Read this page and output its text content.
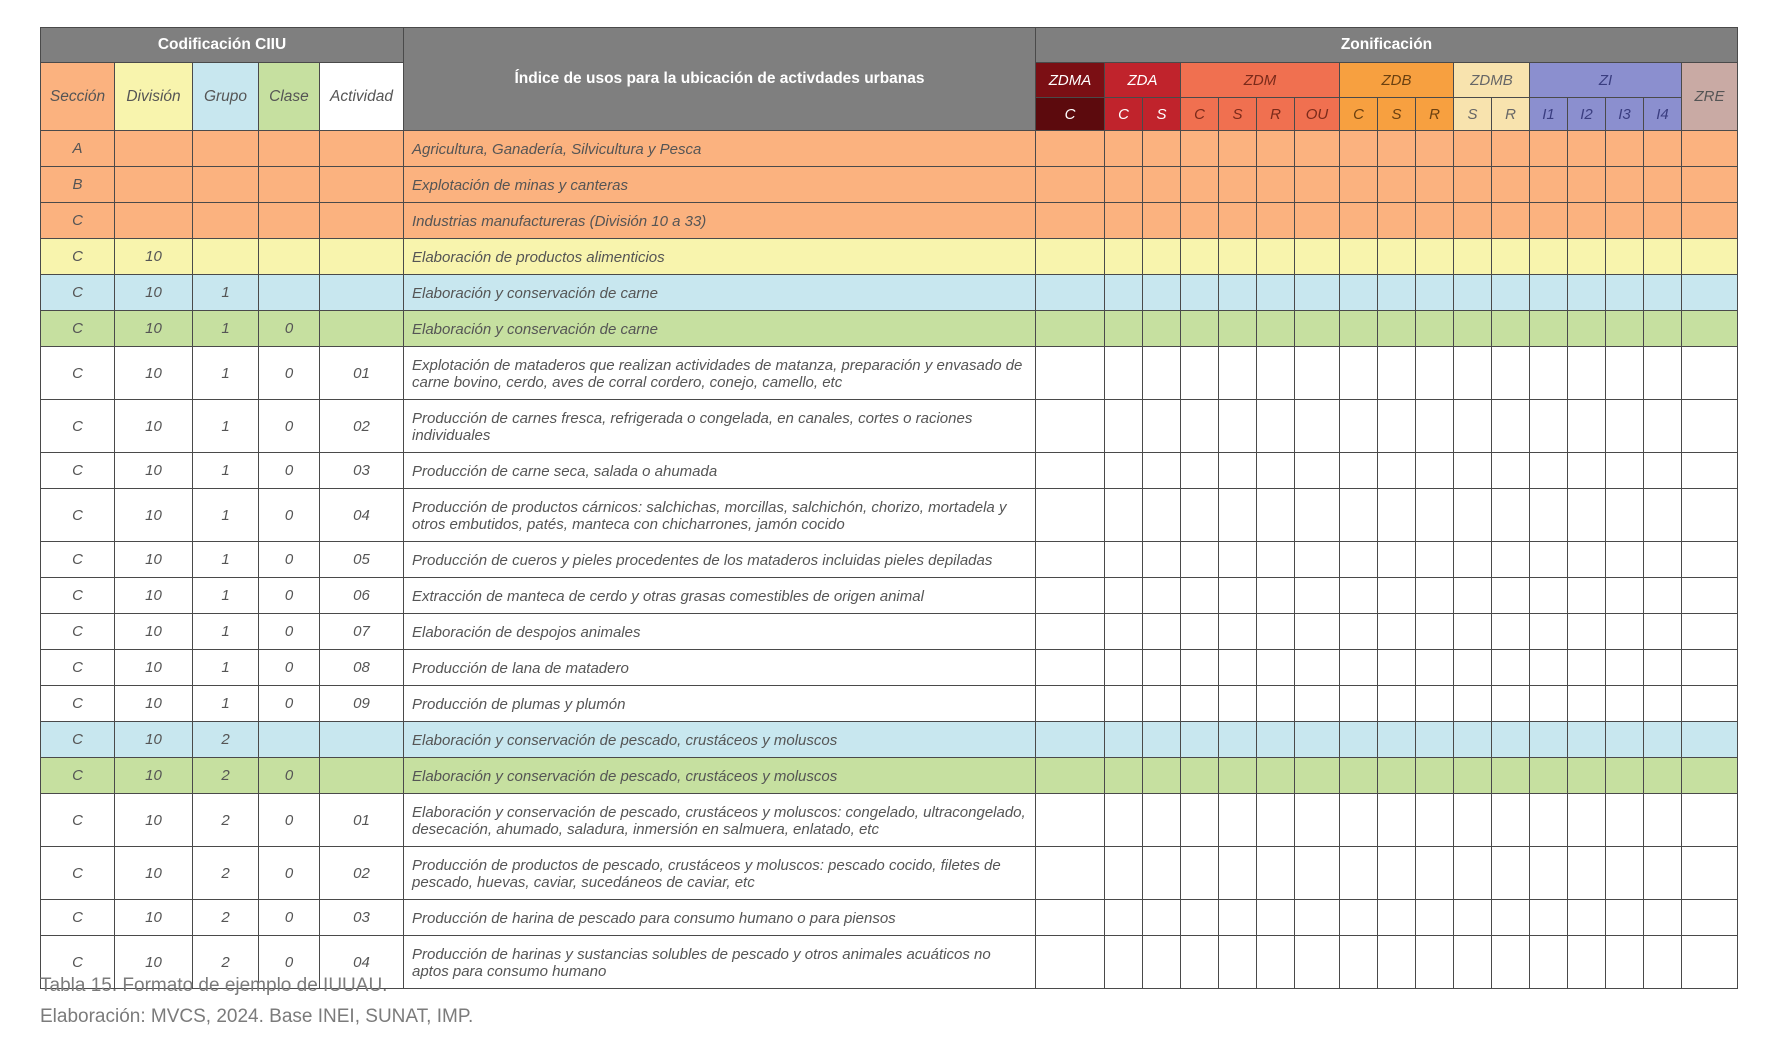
Codificación CIIU					Índice de usos para la ubicación de activdades urbanas	Zonificación																
Sección	División	Grupo	Clase	Actividad		ZDMA	ZDA		ZDM				ZDB			ZDMB		ZI				ZRE
						C	C	S	C	S	R	OU	C	S	R	S	R	I1	I2	I3	I4	
A					Agricultura, Ganadería, Silvicultura y Pesca																	
B					Explotación de minas y canteras																	
C					Industrias manufactureras (División 10 a 33)																	
C	10				Elaboración de productos alimenticios																	
C	10	1			Elaboración y conservación de carne																	
C	10	1	0		Elaboración y conservación de carne																	
C	10	1	0	01	Explotación de mataderos que realizan actividades de matanza, preparación y envasado de carne bovino, cerdo, aves de corral cordero, conejo, camello, etc																	
C	10	1	0	02	Producción de carnes fresca, refrigerada o congelada, en canales, cortes o raciones individuales																	
C	10	1	0	03	Producción de carne seca, salada o ahumada																	
C	10	1	0	04	Producción de productos cárnicos: salchichas, morcillas, salchichón, chorizo, mortadela y otros embutidos, patés, manteca con chicharrones, jamón cocido																	
C	10	1	0	05	Producción de cueros y pieles procedentes de los mataderos incluidas pieles depiladas																	
C	10	1	0	06	Extracción de manteca de cerdo y otras grasas comestibles de origen animal																	
C	10	1	0	07	Elaboración de despojos animales																	
C	10	1	0	08	Producción de lana de matadero																	
C	10	1	0	09	Producción de plumas y plumón																	
C	10	2			Elaboración y conservación de pescado, crustáceos y moluscos																	
C	10	2	0		Elaboración y conservación de pescado, crustáceos y moluscos																	
C	10	2	0	01	Elaboración y conservación de pescado, crustáceos y moluscos: congelado, ultracongelado, desecación, ahumado, saladura, inmersión en salmuera, enlatado, etc																	
C	10	2	0	02	Producción de productos de pescado, crustáceos y moluscos: pescado cocido, filetes de pescado, huevas, caviar, sucedáneos de caviar, etc																	
C	10	2	0	03	Producción de harina de pescado para consumo humano o para piensos																	
C	10	2	0	04	Producción de harinas y sustancias solubles de pescado y otros animales acuáticos no aptos para consumo humano																	
Tabla 15. Formato de ejemplo de IUUAU.
Elaboración: MVCS, 2024. Base INEI, SUNAT, IMP.
